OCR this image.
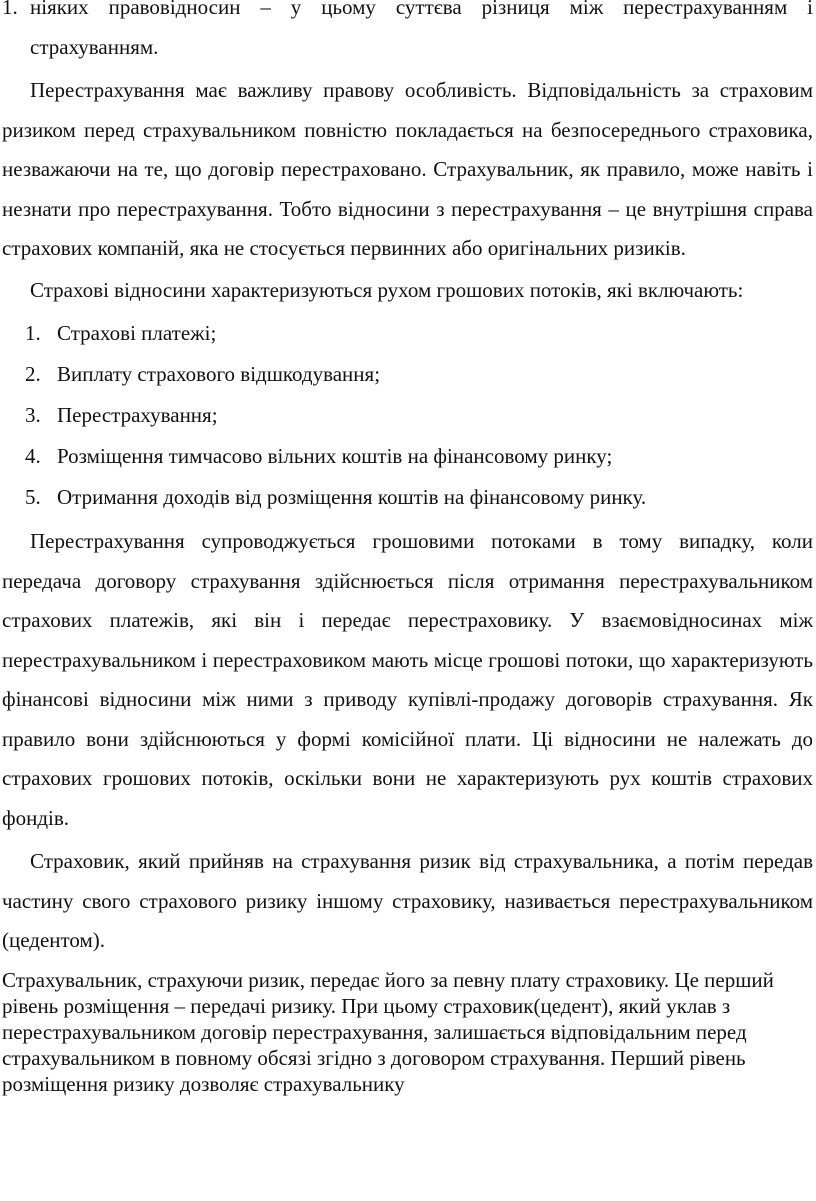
1. ніяких правовідносин – у цьому суттєва різниця між перестрахуванням і страхуванням.

Перестрахування має важливу правову особливість. Відповідальність за страховим ризиком перед страхувальником повністю покладається на безпосереднього страховика, незважаючи на те, що договір перестраховано. Страхувальник, як правило, може навіть і незнати про перестрахування. Тобто відносини з перестрахування – це внутрішня справа страхових компаній, яка не стосується первинних або оригінальних ризиків.

Страхові відносини характеризуються рухом грошових потоків, які включають:

1. Страхові платежі;
2. Виплату страхового відшкодування;
3. Перестрахування;
4. Розміщення тимчасово вільних коштів на фінансовому ринку;
5. Отримання доходів від розміщення коштів на фінансовому ринку.

Перестрахування супроводжується грошовими потоками в тому випадку, коли передача договору страхування здійснюється після отримання перестрахувальником страхових платежів, які він і передає перестраховику. У взаємовідносинах між перестрахувальником і перестраховиком мають місце грошові потоки, що характеризують фінансові відносини між ними з приводу купівлі-продажу договорів страхування. Як правило вони здійснюються у формі комісійної плати. Ці відносини не належать до страхових грошових потоків, оскільки вони не характеризують рух коштів страхових фондів.

Страховик, який прийняв на страхування ризик від страхувальника, а потім передав частину свого страхового ризику іншому страховику, називається перестрахувальником (цедентом).

Страхувальник, страхуючи ризик, передає його за певну плату страховику. Це перший рівень розміщення – передачі ризику. При цьому страховик(цедент), який уклав з перестрахувальником договір перестрахування, залишається відповідальним перед страхувальником в повному обсязі згідно з договором страхування. Перший рівень розміщення ризику дозволяє страхувальнику
